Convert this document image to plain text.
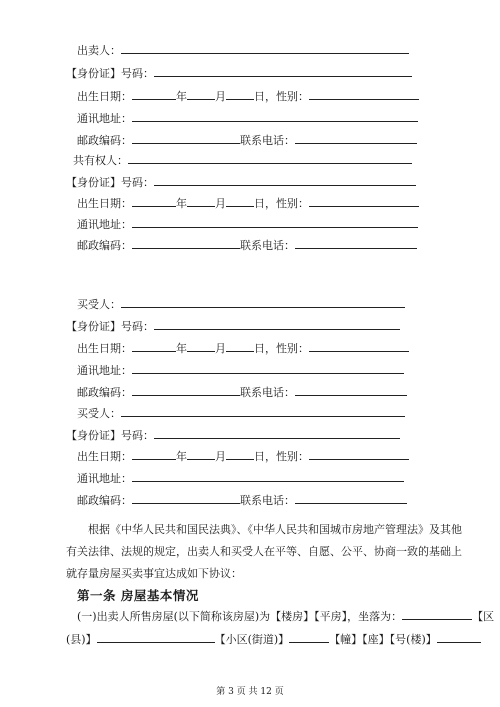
出卖人：
【身份证】号码：
出生日期：	年	月	日，性别：
通讯地址：
邮政编码：	联系电话：
共有权人：
【身份证】号码：
出生日期：	年	月	日，性别：
通讯地址：
邮政编码：	联系电话：
买受人：
【身份证】号码：
出生日期：	年	月	日，性别：
通讯地址：
邮政编码：	联系电话：
买受人：
【身份证】号码：
出生日期：	年	月	日，性别：
通讯地址：
邮政编码：	联系电话：
根据《中华人民共和国民法典》、《中华人民共和国城市房地产管理法》及其他有关法律、法规的规定，出卖人和买受人在平等、自愿、公平、协商一致的基础上就存量房屋买卖事宜达成如下协议：
第一条 房屋基本情况
(一)出卖人所售房屋(以下简称该房屋)为【楼房】【平房】，坐落为：	【区
(县)】	【小区(街道)】	【幢】【座】【号(楼)】
第 3 页 共 12 页
